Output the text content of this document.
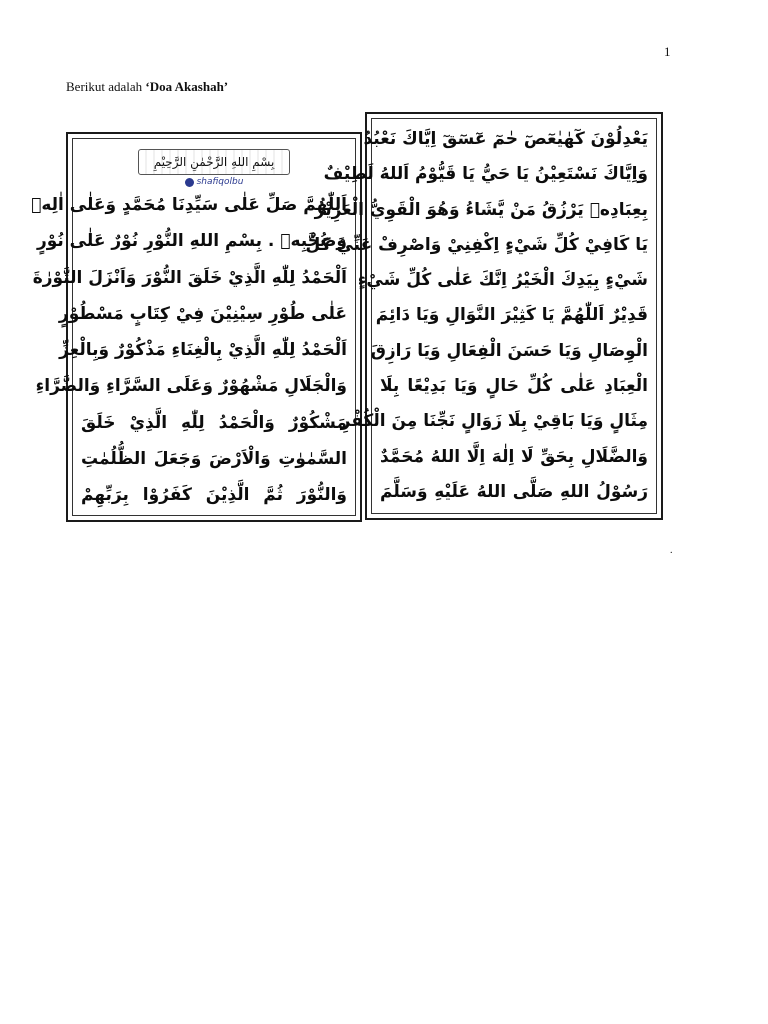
1
Berikut adalah ‘Doa Akashah’
بِسْمِ اللهِ الرَّحْمٰنِ الرَّحِيْمِ
shafiqolbu
اَللّٰهُمَّ صَلِّ عَلٰى سَيِّدِنَا مُحَمَّدٍ وَعَلٰى اٰلِهٖ
وَصَحْبِهٖ . بِسْمِ اللهِ النُّوْرِ نُوْرٌ عَلٰى نُوْرٍ
اَلْحَمْدُ لِلّٰهِ الَّذِيْ خَلَقَ النُّوْرَ وَاَنْزَلَ التَّوْرٰةَ
عَلٰى طُوْرِ سِيْنِيْنَ فِيْ كِتَابٍ مَسْطُوْرٍ
اَلْحَمْدُ لِلّٰهِ الَّذِيْ بِالْغِنَاءِ مَذْكُوْرٌ وَبِالْعِزِّ
وَالْجَلَالِ مَشْهُوْرٌ وَعَلَى السَّرَّاءِ وَالضَّرَّاءِ
مَشْكُوْرٌ وَالْحَمْدُ لِلّٰهِ الَّذِيْ خَلَقَ
السَّمٰوٰتِ وَالْاَرْضَ وَجَعَلَ الظُّلُمٰتِ
وَالنُّوْرَ ثُمَّ الَّذِيْنَ كَفَرُوْا بِرَبِّهِمْ
يَعْدِلُوْنَ كٓهٰيٰعٓصٓ حٰمٓ عٓسٓقٓ اِيَّاكَ نَعْبُدُ
وَاِيَّاكَ نَسْتَعِيْنُ يَا حَيُّ يَا قَيُّوْمُ اَللهُ لَطِيْفٌ
بِعِبَادِهٖ يَرْزُقُ مَنْ يَّشَاءُ وَهُوَ الْقَوِيُّ الْعَزِيْزُ
يَا كَافِيْ كُلِّ شَيْءٍ اِكْفِنِيْ وَاصْرِفْ عَنِّيْ كُلَّ
شَيْءٍ بِيَدِكَ الْخَيْرُ اِنَّكَ عَلٰى كُلِّ شَيْءٍ
قَدِيْرٌ اَللّٰهُمَّ يَا كَثِيْرَ النَّوَالِ وَيَا دَائِمَ
الْوِصَالِ وَيَا حَسَنَ الْفِعَالِ وَيَا رَازِقَ
الْعِبَادِ عَلٰى كُلِّ حَالٍ وَيَا بَدِيْعًا بِلَا
مِثَالٍ وَيَا بَاقِيْ بِلَا زَوَالٍ نَجِّنَا مِنَ الْكُفْرِ
وَالضَّلَالِ بِحَقِّ لَا اِلٰهَ اِلَّا اللهُ مُحَمَّدٌ
رَسُوْلُ اللهِ صَلَّى اللهُ عَلَيْهِ وَسَلَّمَ
.
